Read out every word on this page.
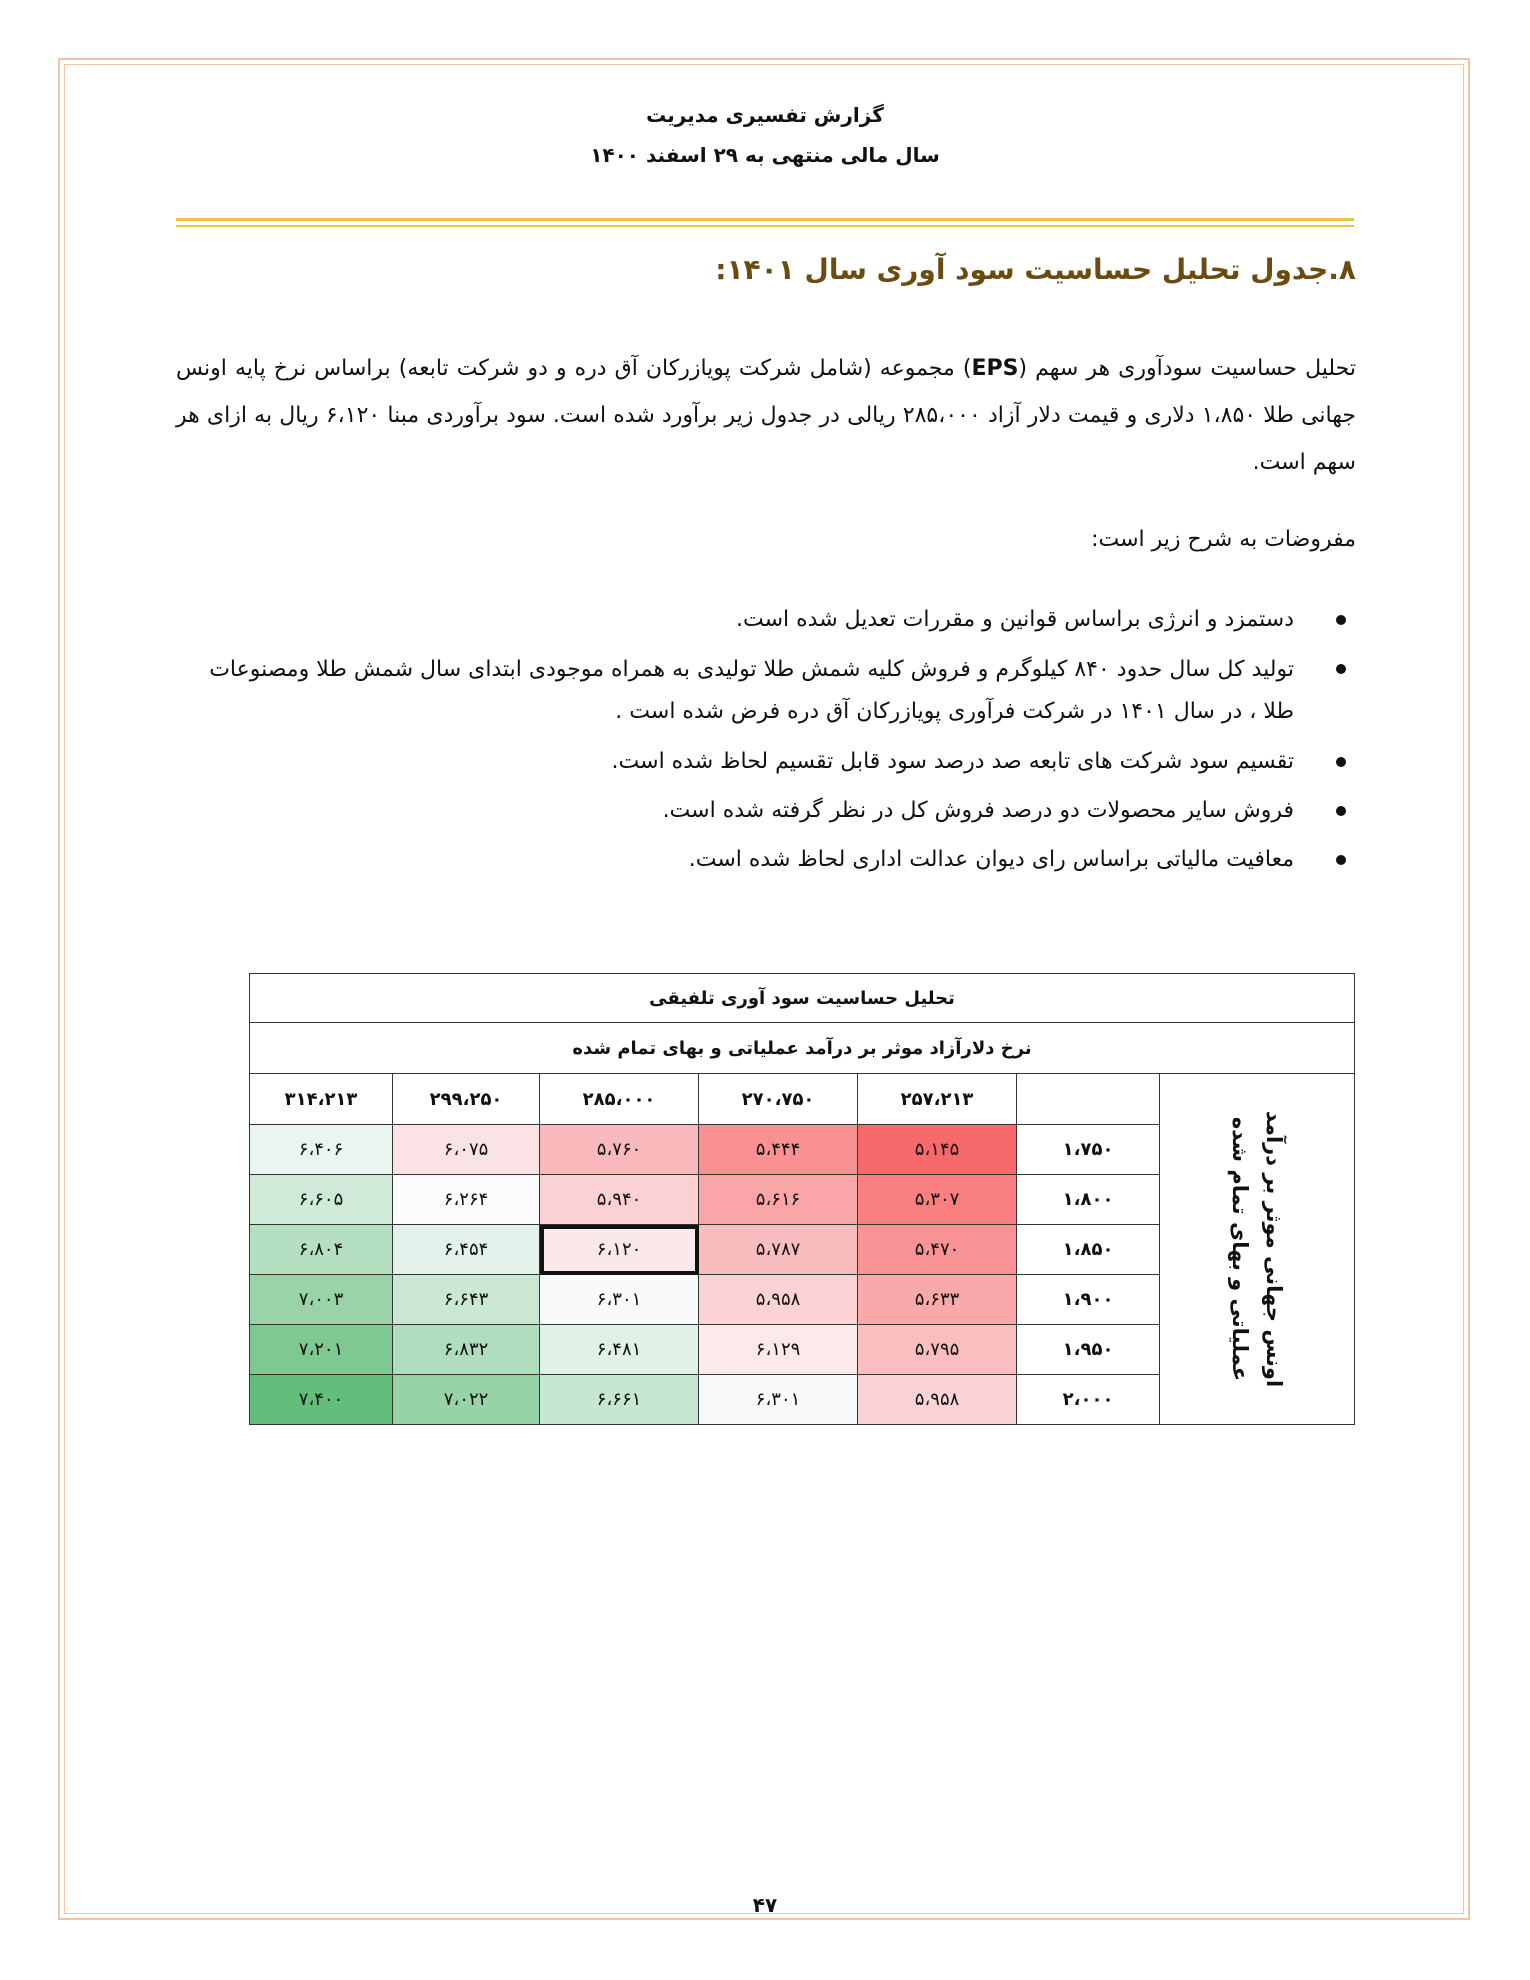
گزارش تفسیری مدیریت
سال مالی منتهی به ۲۹ اسفند ۱۴۰۰
۸.جدول تحلیل حساسیت سود آوری سال ۱۴۰۱:
تحلیل حساسیت سودآوری هر سهم (EPS) مجموعه (شامل شرکت پویازرکان آق دره و دو شرکت تابعه) براساس نرخ پایه اونس جهانی طلا ۱،۸۵۰ دلاری و قیمت دلار آزاد ۲۸۵،۰۰۰ ریالی در جدول زیر برآورد شده است. سود برآوردی مبنا ۶،۱۲۰ ریال به ازای هر سهم است.
مفروضات به شرح زیر است:
دستمزد و انرژی براساس قوانین و مقررات تعدیل شده است.
تولید کل سال حدود ۸۴۰ کیلوگرم و فروش کلیه شمش طلا تولیدی به همراه موجودی ابتدای سال شمش طلا ومصنوعات طلا ، در سال ۱۴۰۱ در شرکت فرآوری پویازرکان آق دره فرض شده است .
تقسیم سود شرکت های تابعه صد درصد سود قابل تقسیم لحاظ شده است.
فروش سایر محصولات دو درصد فروش کل در نظر گرفته شده است.
معافیت مالیاتی براساس رای دیوان عدالت اداری لحاظ شده است.
تحلیل حساسیت سود آوری تلفیقی						
نرخ دلارآزاد موثر بر درآمد عملیاتی و بهای تمام شده						

اونس جهانی موثر بر درآمد عملیاتی و بهای تمام شده		۲۵۷،۲۱۳	۲۷۰،۷۵۰	۲۸۵،۰۰۰	۲۹۹،۲۵۰	۳۱۴،۲۱۳
	۱،۷۵۰	۵،۱۴۵	۵،۴۴۴	۵،۷۶۰	۶،۰۷۵	۶،۴۰۶
	۱،۸۰۰	۵،۳۰۷	۵،۶۱۶	۵،۹۴۰	۶،۲۶۴	۶،۶۰۵
	۱،۸۵۰	۵،۴۷۰	۵،۷۸۷	۶،۱۲۰	۶،۴۵۴	۶،۸۰۴
	۱،۹۰۰	۵،۶۳۳	۵،۹۵۸	۶،۳۰۱	۶،۶۴۳	۷،۰۰۳
	۱،۹۵۰	۵،۷۹۵	۶،۱۲۹	۶،۴۸۱	۶،۸۳۲	۷،۲۰۱
	۲،۰۰۰	۵،۹۵۸	۶،۳۰۱	۶،۶۶۱	۷،۰۲۲	۷،۴۰۰
۴۷
